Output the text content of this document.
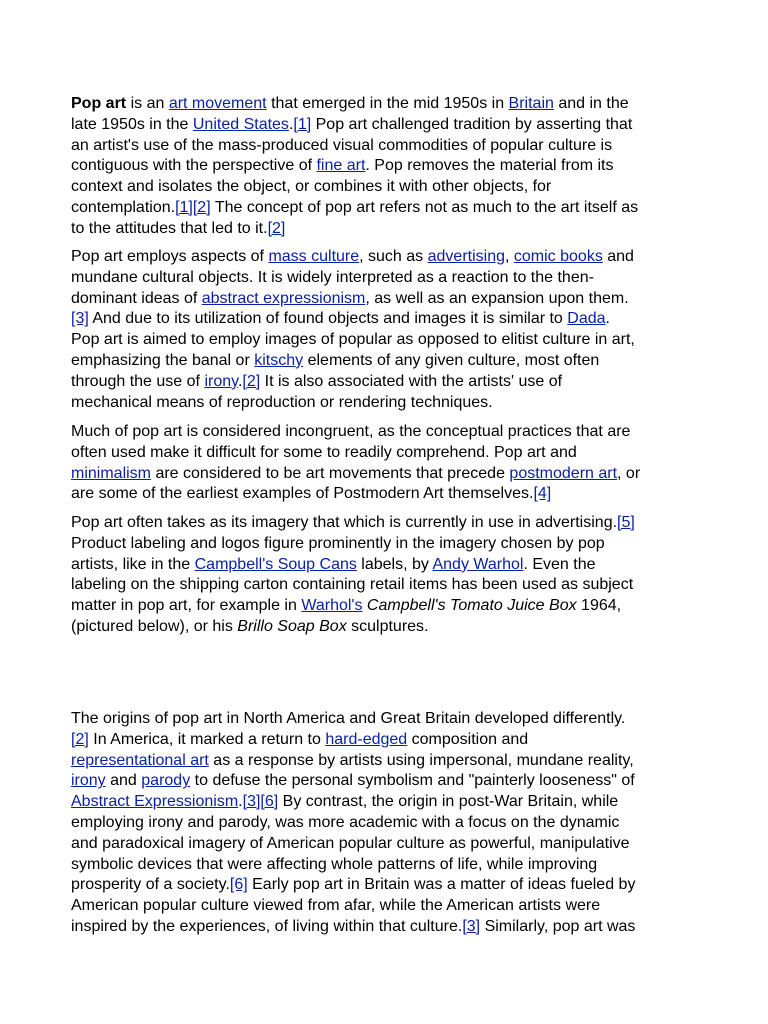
Pop art is an art movement that emerged in the mid 1950s in Britain and in the
late 1950s in the United States.[1] Pop art challenged tradition by asserting that
an artist's use of the mass-produced visual commodities of popular culture is
contiguous with the perspective of fine art. Pop removes the material from its
context and isolates the object, or combines it with other objects, for
contemplation.[1][2] The concept of pop art refers not as much to the art itself as
to the attitudes that led to it.[2]

Pop art employs aspects of mass culture, such as advertising, comic books and
mundane cultural objects. It is widely interpreted as a reaction to the then-
dominant ideas of abstract expressionism, as well as an expansion upon them.
[3] And due to its utilization of found objects and images it is similar to Dada.
Pop art is aimed to employ images of popular as opposed to elitist culture in art,
emphasizing the banal or kitschy elements of any given culture, most often
through the use of irony.[2] It is also associated with the artists' use of
mechanical means of reproduction or rendering techniques.

Much of pop art is considered incongruent, as the conceptual practices that are
often used make it difficult for some to readily comprehend. Pop art and
minimalism are considered to be art movements that precede postmodern art, or
are some of the earliest examples of Postmodern Art themselves.[4]

Pop art often takes as its imagery that which is currently in use in advertising.[5]
Product labeling and logos figure prominently in the imagery chosen by pop
artists, like in the Campbell's Soup Cans labels, by Andy Warhol. Even the
labeling on the shipping carton containing retail items has been used as subject
matter in pop art, for example in Warhol's Campbell's Tomato Juice Box 1964,
(pictured below), or his Brillo Soap Box sculptures.

The origins of pop art in North America and Great Britain developed differently.
[2] In America, it marked a return to hard-edged composition and
representational art as a response by artists using impersonal, mundane reality,
irony and parody to defuse the personal symbolism and "painterly looseness" of
Abstract Expressionism.[3][6] By contrast, the origin in post-War Britain, while
employing irony and parody, was more academic with a focus on the dynamic
and paradoxical imagery of American popular culture as powerful, manipulative
symbolic devices that were affecting whole patterns of life, while improving
prosperity of a society.[6] Early pop art in Britain was a matter of ideas fueled by
American popular culture viewed from afar, while the American artists were
inspired by the experiences, of living within that culture.[3] Similarly, pop art was
